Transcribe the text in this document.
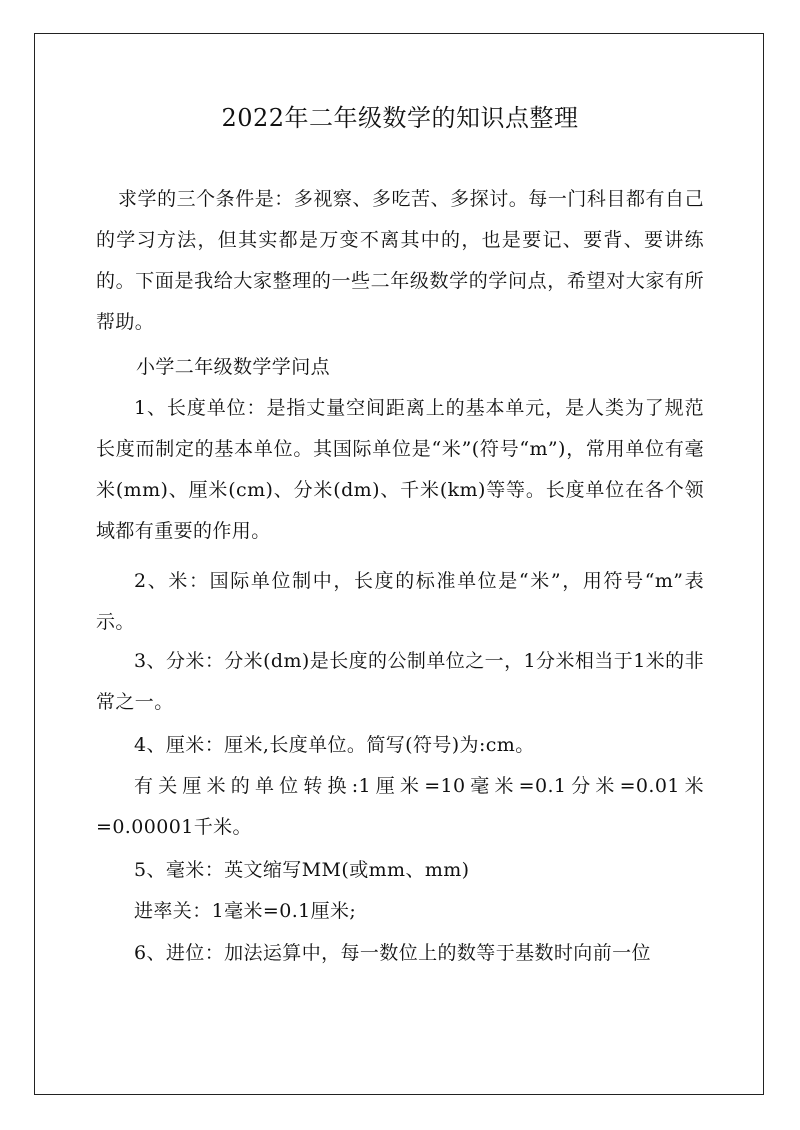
2022年二年级数学的知识点整理

求学的三个条件是：多视察、多吃苦、多探讨。每一门科目都有自己的学习方法，但其实都是万变不离其中的，也是要记、要背、要讲练的。下面是我给大家整理的一些二年级数学的学问点，希望对大家有所帮助。

小学二年级数学学问点

1、长度单位：是指丈量空间距离上的基本单元，是人类为了规范长度而制定的基本单位。其国际单位是“米”(符号“m”)，常用单位有毫米(mm)、厘米(cm)、分米(dm)、千米(km)等等。长度单位在各个领域都有重要的作用。

2、米：国际单位制中，长度的标准单位是“米”，用符号“m”表示。

3、分米：分米(dm)是长度的公制单位之一，1分米相当于1米的非常之一。

4、厘米：厘米,长度单位。简写(符号)为:cm。

有关厘米的单位转换:1厘米=10毫米=0.1分米=0.01米=0.00001千米。

5、毫米：英文缩写MM(或mm、mm)

进率关：1毫米=0.1厘米;

6、进位：加法运算中，每一数位上的数等于基数时向前一位
